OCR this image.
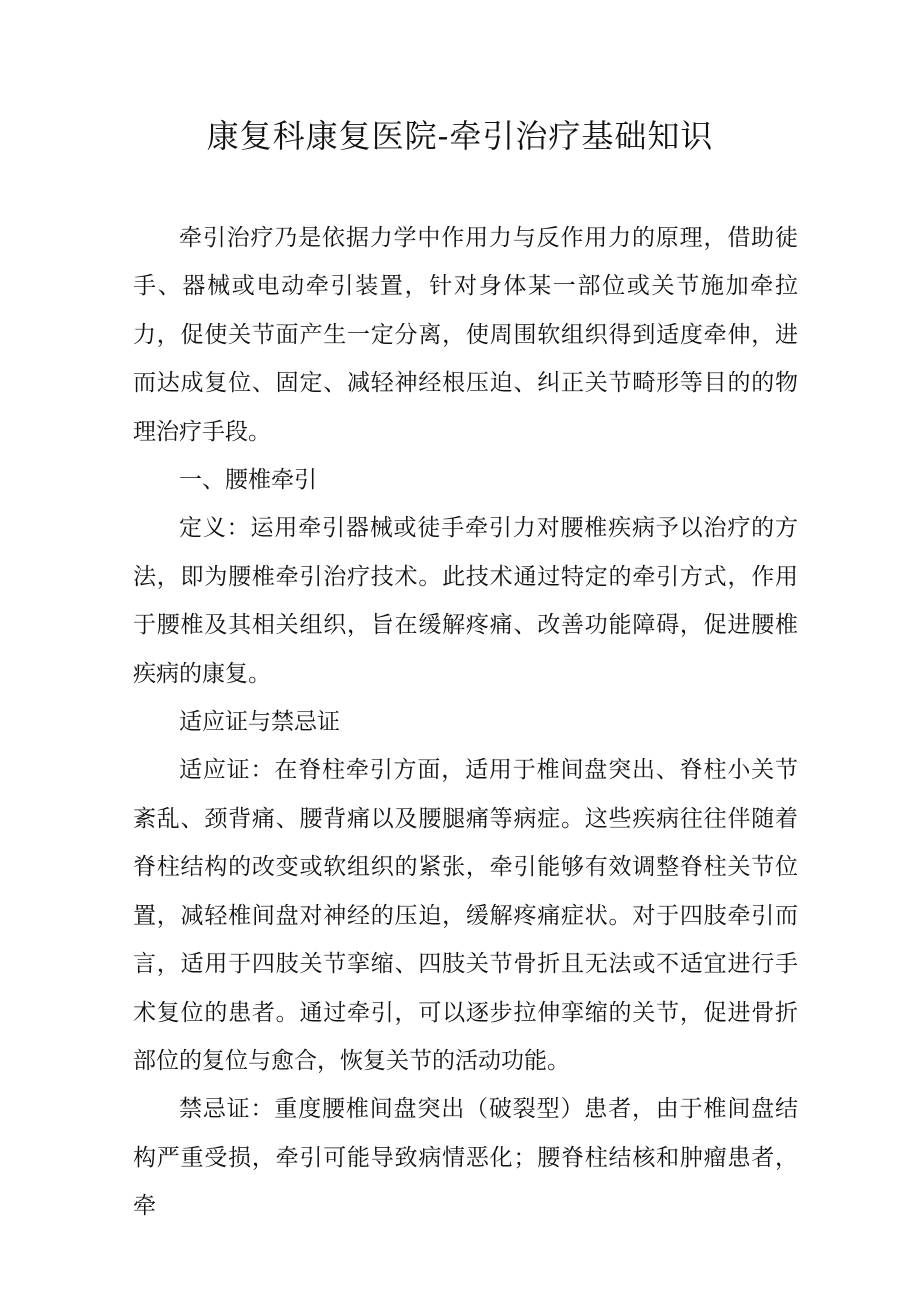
康复科康复医院-牵引治疗基础知识

牵引治疗乃是依据力学中作用力与反作用力的原理，借助徒手、器械或电动牵引装置，针对身体某一部位或关节施加牵拉力，促使关节面产生一定分离，使周围软组织得到适度牵伸，进而达成复位、固定、减轻神经根压迫、纠正关节畸形等目的的物理治疗手段。

一、腰椎牵引

定义：运用牵引器械或徒手牵引力对腰椎疾病予以治疗的方法，即为腰椎牵引治疗技术。此技术通过特定的牵引方式，作用于腰椎及其相关组织，旨在缓解疼痛、改善功能障碍，促进腰椎疾病的康复。

适应证与禁忌证

适应证：在脊柱牵引方面，适用于椎间盘突出、脊柱小关节紊乱、颈背痛、腰背痛以及腰腿痛等病症。这些疾病往往伴随着脊柱结构的改变或软组织的紧张，牵引能够有效调整脊柱关节位置，减轻椎间盘对神经的压迫，缓解疼痛症状。对于四肢牵引而言，适用于四肢关节挛缩、四肢关节骨折且无法或不适宜进行手术复位的患者。通过牵引，可以逐步拉伸挛缩的关节，促进骨折部位的复位与愈合，恢复关节的活动功能。

禁忌证：重度腰椎间盘突出（破裂型）患者，由于椎间盘结构严重受损，牵引可能导致病情恶化；腰脊柱结核和肿瘤患者，牵
